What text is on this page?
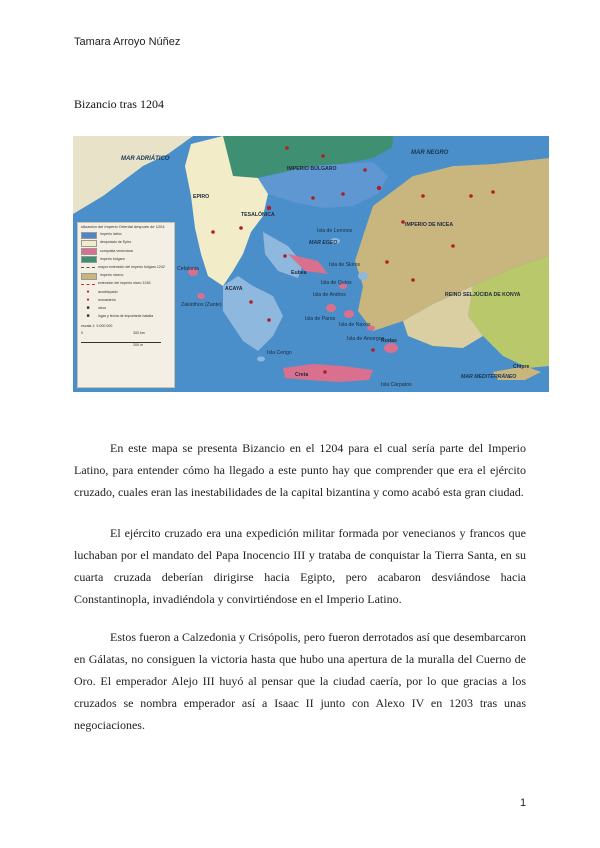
Tamara Arroyo Núñez
Bizancio tras 1204
MAR ADRIÁTICO
MAR NEGRO
MAR EGEO
MAR MEDITERRÁNEO
IMPERIO BÚLGARO
IMPERIO DE NICEA
REINO SELJÚCIDA DE KONYA
EPIRO
TESALÓNICA
ACAYA
Cefalonia
Zakinthos (Zante)
Isla de Lemnos
Eubea
Isla de Skiros
Isla de Quíos
Isla de Andros
Isla de Paros
Isla de Naxos
Isla Cerigo
Isla de Amorgos
Creta
Rodas
Isla Cárpatos
Chipre
situación del Imperio Oriental después de 1204
Imperio latino
despotado de Epiro
conquista veneciana
imperio búlgaro
mayor extensión del imperio búlgaro 1242
imperio niceno
extensión del imperio niceo 1246
●	arzobispado
●	monasterio
■	otros
■	lugar y fecha de importante batalla
escala 1: 9.000.000
0	300 km
200 m

En este mapa se presenta Bizancio en el 1204 para el cual sería parte del Imperio Latino, para entender cómo ha llegado a este punto hay que comprender que era el ejército cruzado, cuales eran las inestabilidades de la capital bizantina y como acabó esta gran ciudad.

El ejército cruzado era una expedición militar formada por venecianos y francos que luchaban por el mandato del Papa Inocencio III y trataba de conquistar la Tierra Santa, en su cuarta cruzada deberían dirigirse hacia Egipto, pero acabaron desviándose hacia Constantinopla, invadiéndola y convirtiéndose en el Imperio Latino.

Estos fueron a Calzedonia y Crisópolis, pero fueron derrotados así que desembarcaron en Gálatas, no consiguen la victoria hasta que hubo una apertura de la muralla del Cuerno de Oro. El emperador Alejo III huyó al pensar que la ciudad caería, por lo que gracias a los cruzados se nombra emperador así a Isaac II junto con Alexo IV en 1203 tras unas negociaciones.

1
